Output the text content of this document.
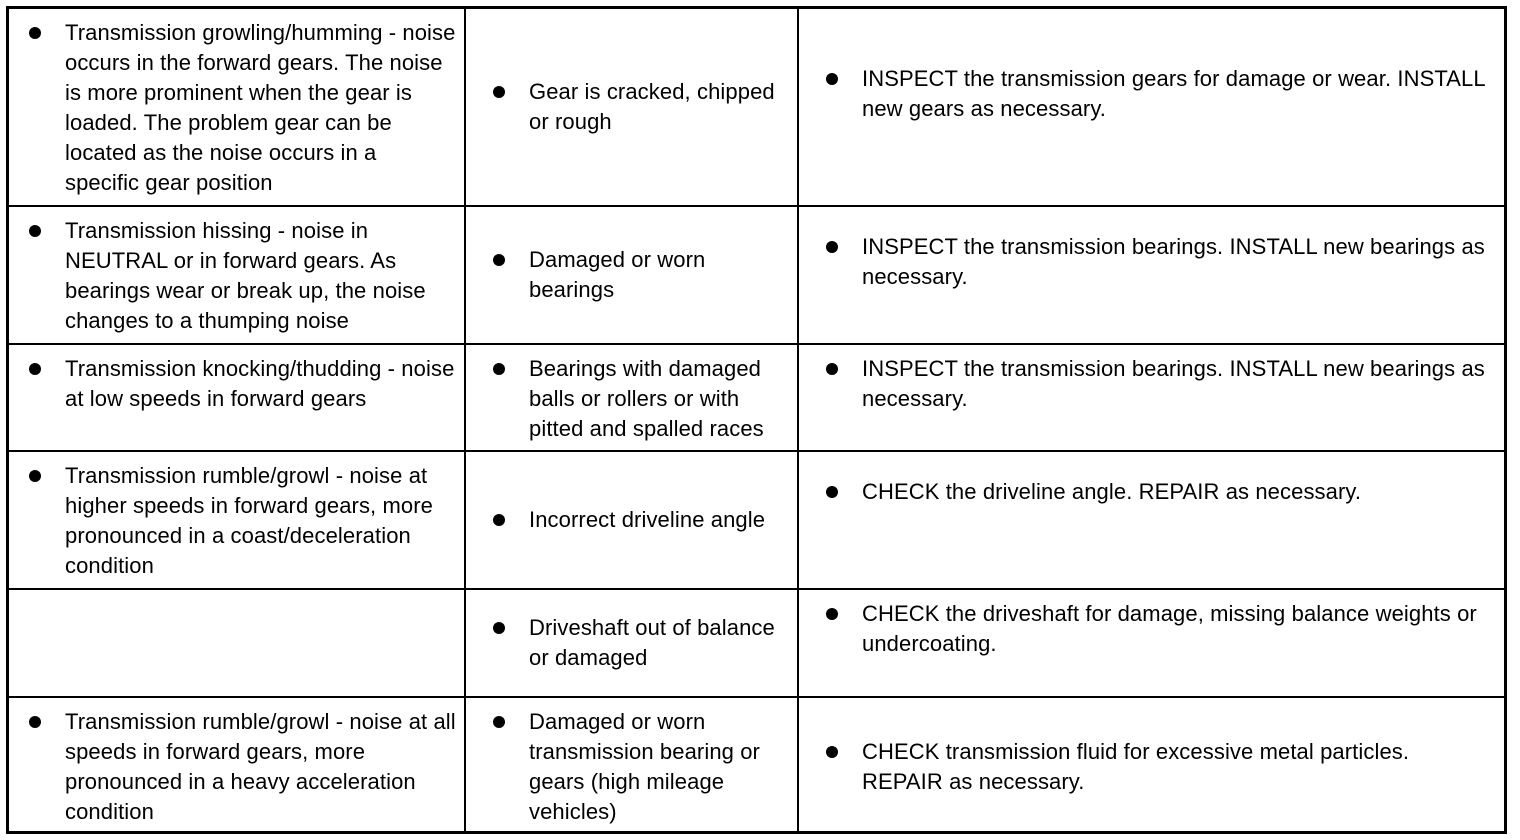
Transmission growling/humming - noise occurs in the forward gears. The noise is more prominent when the gear is loaded. The problem gear can be located as the noise occurs in a specific gear position
Gear is cracked, chipped or rough
INSPECT the transmission gears for damage or wear. INSTALL new gears as necessary.
Transmission hissing - noise in NEUTRAL or in forward gears. As bearings wear or break up, the noise changes to a thumping noise
Damaged or worn bearings
INSPECT the transmission bearings. INSTALL new bearings as necessary.
Transmission knocking/thudding - noise at low speeds in forward gears
Bearings with damaged balls or rollers or with pitted and spalled races
INSPECT the transmission bearings. INSTALL new bearings as necessary.
Transmission rumble/growl - noise at higher speeds in forward gears, more pronounced in a coast/deceleration condition
Incorrect driveline angle
CHECK the driveline angle. REPAIR as necessary.
Driveshaft out of balance or damaged
CHECK the driveshaft for damage, missing balance weights or undercoating.
Transmission rumble/growl - noise at all speeds in forward gears, more pronounced in a heavy acceleration condition
Damaged or worn transmission bearing or gears (high mileage vehicles)
CHECK transmission fluid for excessive metal particles. REPAIR as necessary.
